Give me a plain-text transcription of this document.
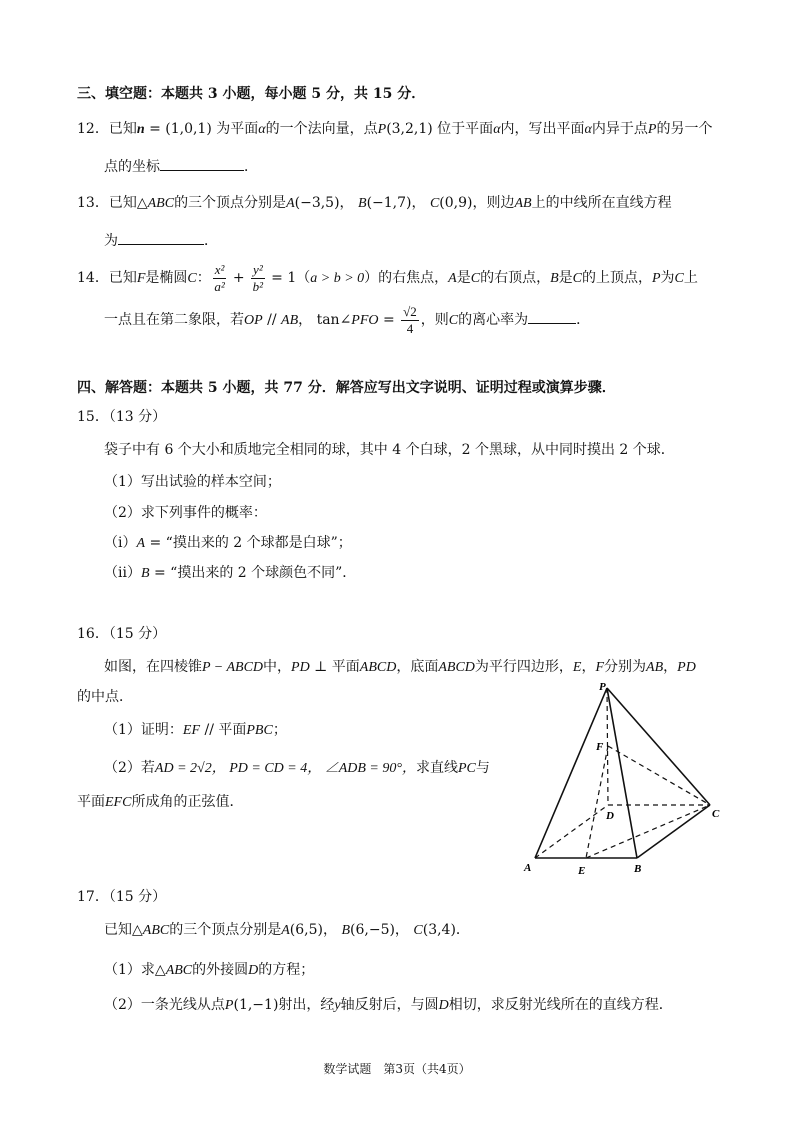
三、填空题：本题共 3 小题，每小题 5 分，共 15 分．
12．已知n = (1,0,1) 为平面α的一个法向量，点P(3,2,1) 位于平面α内，写出平面α内异于点P的另一个
点的坐标	．
13．已知△ABC的三个顶点分别是A(−3,5)， B(−1,7)， C(0,9)，则边AB上的中线所在直线方程
为	．
14．已知F是椭圆C： $\frac{\text{x²}}{\text{a²}} + \frac{\text{y²}}{\text{b²}} = 1(a > b > 0)$的右焦点，A是C的右顶点，B是C的上顶点，P为C上
一点且在第二象限，若OP // AB， tan∠PFO = $\frac{√2}{4}$ ，则C的离心率为	．
四、解答题：本题共 5 小题，共 77 分．解答应写出文字说明、证明过程或演算步骤．
15．（13 分）
袋子中有 6 个大小和质地完全相同的球，其中 4 个白球，2 个黑球，从中同时摸出 2 个球．
（1）写出试验的样本空间；
（2）求下列事件的概率：
（i）A = “摸出来的 2 个球都是白球”；
（ii）B = “摸出来的 2 个球颜色不同”．
16．（15 分）
如图，在四棱锥P − ABCD中，PD ⊥ 平面ABCD，底面ABCD为平行四边形，E，F分别为AB，PD
的中点．
（1）证明：EF // 平面PBC；
（2）若AD = 2√2， PD = CD = 4， ∠ADB = 90°，求直线PC与
平面EFC所成角的正弦值．
P
F
D	C
A	E	B
17．（15 分）
已知△ABC的三个顶点分别是A(6,5)， B(6,−5)， C(3,4)．
（1）求△ABC的外接圆D的方程；
（2）一条光线从点P(1,−1)射出，经y轴反射后，与圆D相切，求反射光线所在的直线方程．
数学试题　第3页（共4页）
